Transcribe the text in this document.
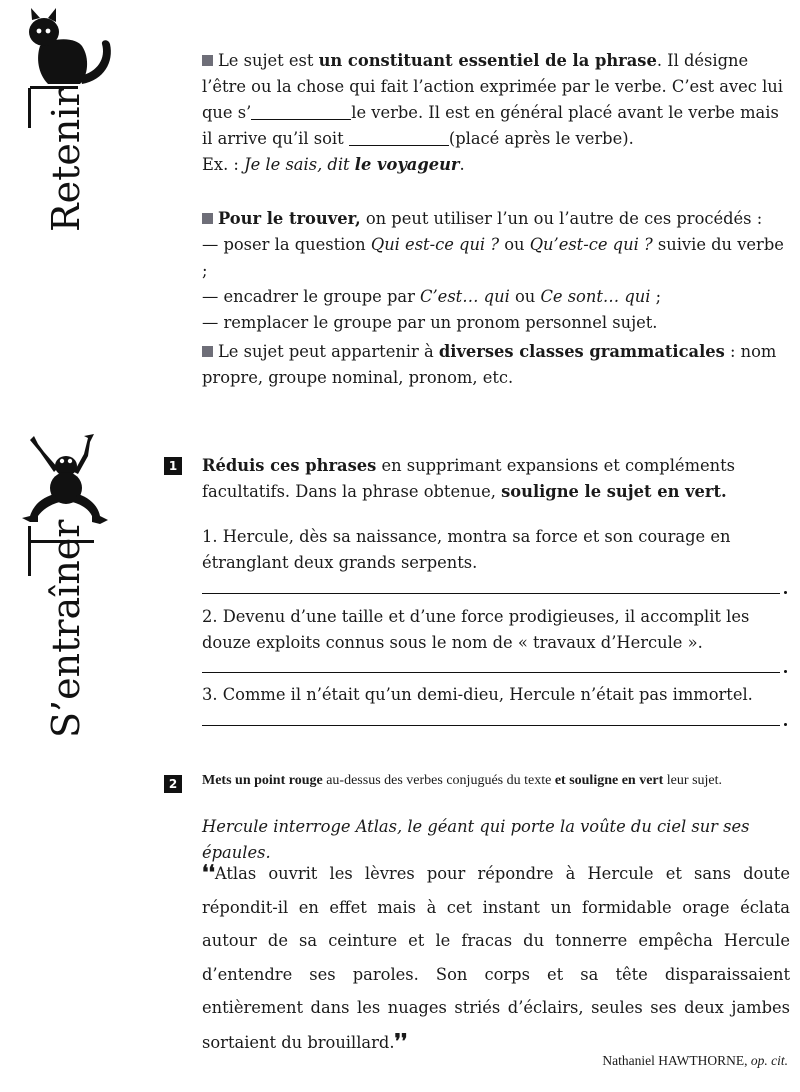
Retenir
Le sujet est un constituant essentiel de la phrase. Il désigne l’être ou la chose qui fait l’action exprimée par le verbe. C’est avec lui que s’	le verbe. Il est en général placé avant le verbe mais il arrive qu’il soit	(placé après le verbe).
Ex. : Je le sais, dit le voyageur.
Pour le trouver, on peut utiliser l’un ou l’autre de ces procédés :
— poser la question Qui est-ce qui ? ou Qu’est-ce qui ? suivie du verbe ;
— encadrer le groupe par C’est… qui ou Ce sont… qui ;
— remplacer le groupe par un pronom personnel sujet.
Le sujet peut appartenir à diverses classes grammaticales : nom propre, groupe nominal, pronom, etc.
S’entraîner
1 Réduis ces phrases en supprimant expansions et compléments facultatifs. Dans la phrase obtenue, souligne le sujet en vert.
1. Hercule, dès sa naissance, montra sa force et son courage en étranglant deux grands serpents.
2. Devenu d’une taille et d’une force prodigieuses, il accomplit les douze exploits connus sous le nom de « travaux d’Hercule ».
3. Comme il n’était qu’un demi-dieu, Hercule n’était pas immortel.
2	Mets un point rouge au-dessus des verbes conjugués du texte et souligne en vert leur sujet.
Hercule interroge Atlas, le géant qui porte la voûte du ciel sur ses épaules.
❛❛Atlas ouvrit les lèvres pour répondre à Hercule et sans doute répondit-il en effet mais à cet instant un formidable orage éclata autour de sa ceinture et le fracas du tonnerre empêcha Hercule d’entendre ses paroles. Son corps et sa tête disparaissaient entièrement dans les nuages striés d’éclairs, seules ses deux jambes sortaient du brouillard.❜❜
Nathaniel HAWTHORNE, op. cit.
